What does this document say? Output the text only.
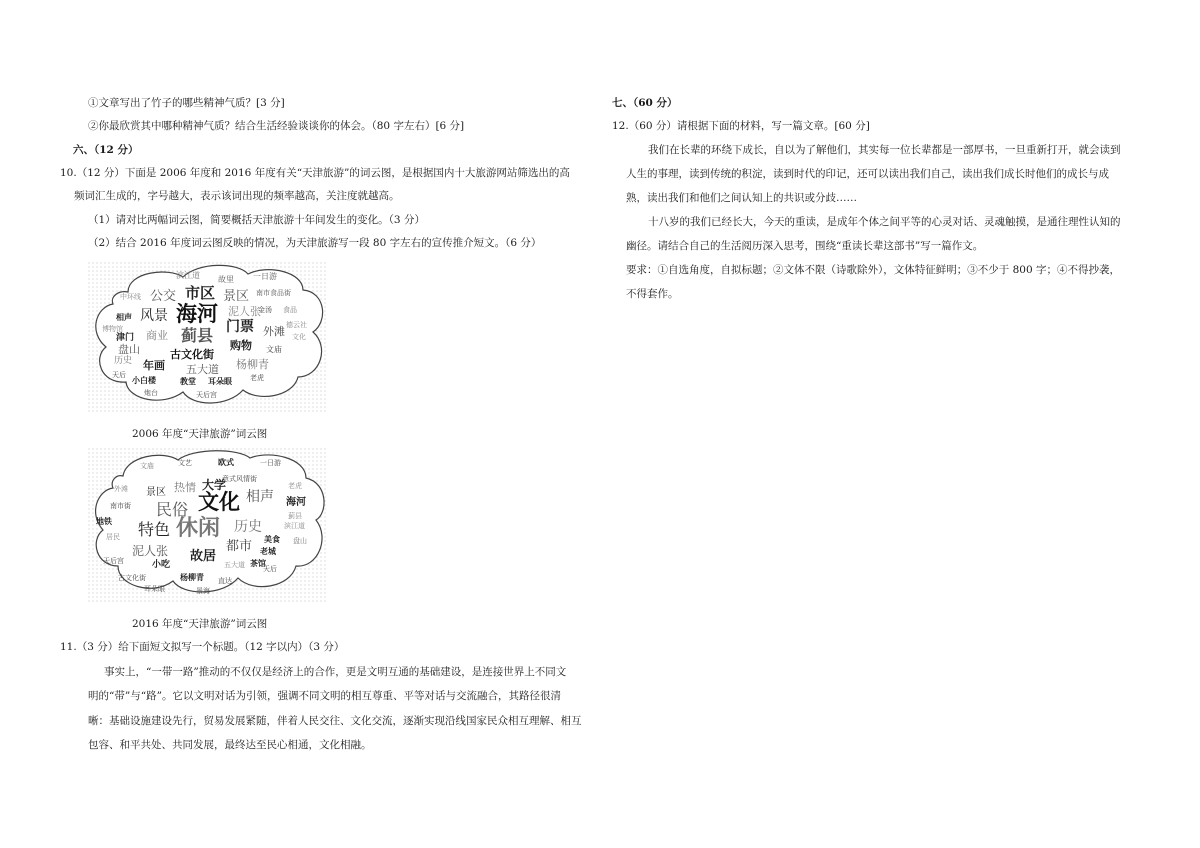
①文章写出了竹子的哪些精神气质？[3 分]
②你最欣赏其中哪种精神气质？结合生活经验谈谈你的体会。（80 字左右）[6 分]
六、（12 分）
10.（12 分）下面是 2006 年度和 2016 年度有关“天津旅游”的词云图，是根据国内十大旅游网站筛选出的高
频词汇生成的，字号越大，表示该词出现的频率越高，关注度就越高。
（1）请对比两幅词云图，简要概括天津旅游十年间发生的变化。（3 分）
（2）结合 2016 年度词云图反映的情况，为天津旅游写一段 80 字左右的宣传推介短文。（6 分）
滨江道 故里 一日游
中环线 公交 市区 景区 南市食品街
相声 风景 海河 泥人张
金汤 食品
博物馆	德云社
津门 商业 蓟县 门票 外滩 文化
盘山	古文化街
购物 文庙
历史 年画 五大道 杨柳青
天后
小白楼	教堂 耳朵眼	老虎
炮台	天后宫
2006 年度“天津旅游”词云图
文庙	文艺	欧式	一日游
外滩 景区 热情 大学
意式风情街
老虎
南市街	海河
民俗 文化 相声
蓟县
地铁 特色 休闲 历史
美食
滨江道
居民
泥人张	都市 老城
盘山
天后宫	故居	茶馆
小吃	五大道	天后
古文化街	杨柳青 直达
耳朵眼	景海
2016 年度“天津旅游”词云图
11.（3 分）给下面短文拟写一个标题。（12 字以内）（3 分）
事实上，“一带一路”推动的不仅仅是经济上的合作，更是文明互通的基础建设，是连接世界上不同文
明的“带”与“路”。它以文明对话为引领，强调不同文明的相互尊重、平等对话与交流融合，其路径很清
晰：基础设施建设先行，贸易发展紧随，伴着人民交往、文化交流，逐渐实现沿线国家民众相互理解、相互
包容、和平共处、共同发展，最终达至民心相通，文化相融。
七、（60 分）
12.（60 分）请根据下面的材料，写一篇文章。[60 分]
我们在长辈的环绕下成长，自以为了解他们，其实每一位长辈都是一部厚书，一旦重新打开，就会读到
人生的事理，读到传统的积淀，读到时代的印记，还可以读出我们自己，读出我们成长时他们的成长与成
熟，读出我们和他们之间认知上的共识或分歧……
十八岁的我们已经长大，今天的重读，是成年个体之间平等的心灵对话、灵魂触摸，是通往理性认知的
幽径。请结合自己的生活阅历深入思考，围绕“重读长辈这部书”写一篇作文。
要求：①自选角度，自拟标题；②文体不限（诗歌除外），文体特征鲜明；③不少于 800 字；④不得抄袭，
不得套作。
